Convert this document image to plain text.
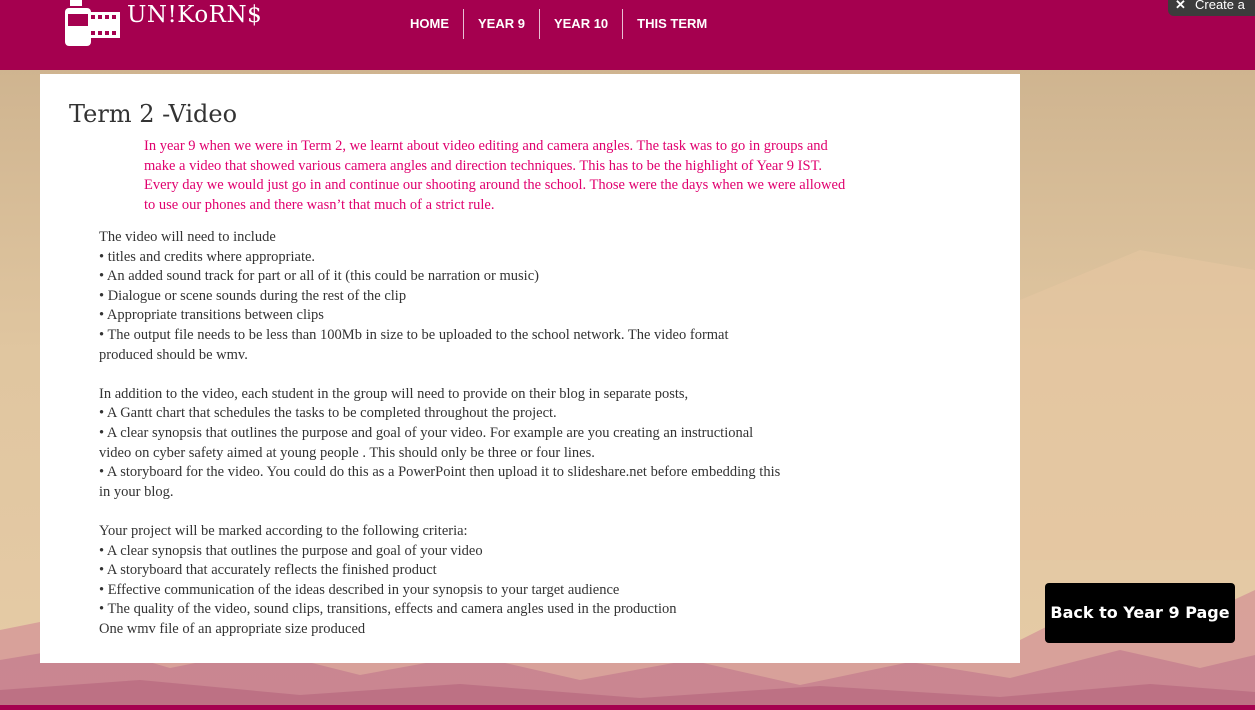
UN!KoRN$	HOME	YEAR 9	YEAR 10	THIS TERM
✕ Create a
Term 2 -Video

In year 9 when we were in Term 2, we learnt about video editing and camera angles. The task was to go in groups and make a video that showed various camera angles and direction techniques. This has to be the highlight of Year 9 IST. Every day we would just go in and continue our shooting around the school. Those were the days when we were allowed to use our phones and there wasn’t that much of a strict rule.

The video will need to include
• titles and credits where appropriate.
• An added sound track for part or all of it (this could be narration or music)
• Dialogue or scene sounds during the rest of the clip
• Appropriate transitions between clips
• The output file needs to be less than 100Mb in size to be uploaded to the school network. The video format
produced should be wmv.
In addition to the video, each student in the group will need to provide on their blog in separate posts,
• A Gantt chart that schedules the tasks to be completed throughout the project.
• A clear synopsis that outlines the purpose and goal of your video. For example are you creating an instructional
video on cyber safety aimed at young people . This should only be three or four lines.
• A storyboard for the video. You could do this as a PowerPoint then upload it to slideshare.net before embedding this
in your blog.
Your project will be marked according to the following criteria:
• A clear synopsis that outlines the purpose and goal of your video
• A storyboard that accurately reflects the finished product
• Effective communication of the ideas described in your synopsis to your target audience
• The quality of the video, sound clips, transitions, effects and camera angles used in the production
One wmv file of an appropriate size produced
Back to Year 9 Page
